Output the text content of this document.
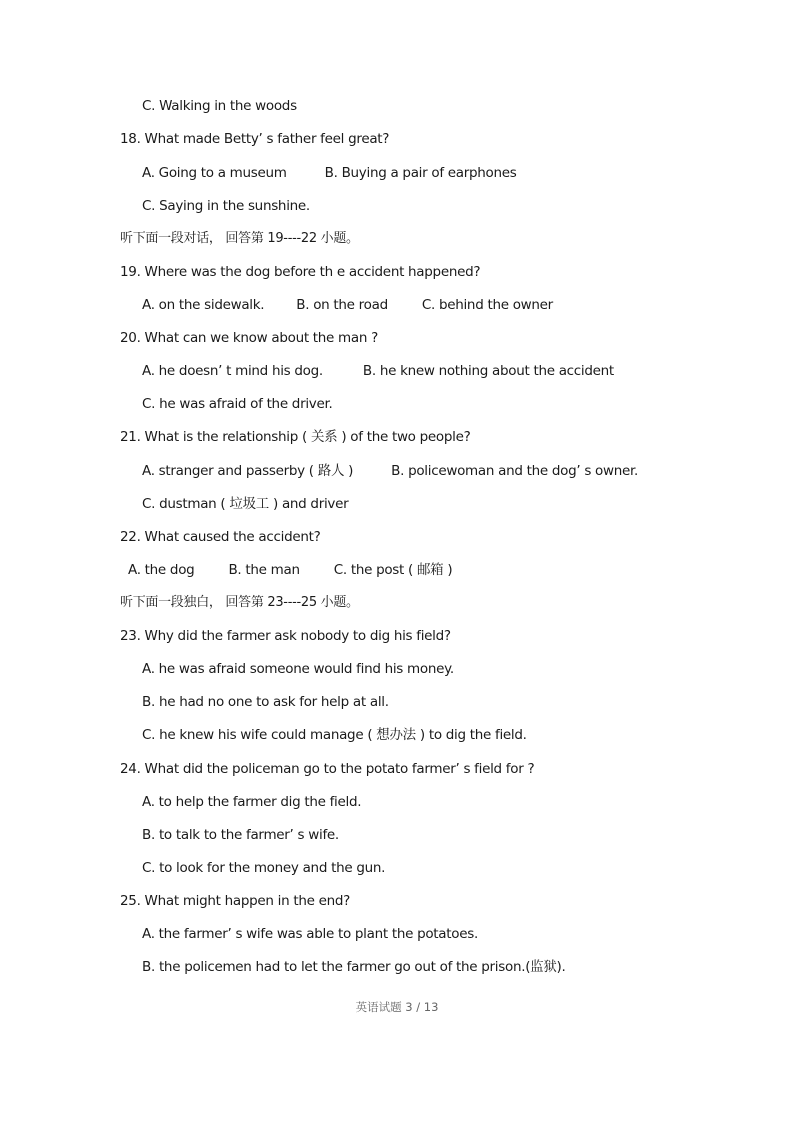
C. Walking in the woods
18. What made Betty’ s father feel great?
A. Going to a museum	B. Buying a pair of earphones
C. Saying in the sunshine.
听下面一段对话， 回答第 19----22 小题。
19. Where was the dog before th e accident happened?
A. on the sidewalk. B. on the road	C. behind the owner
20. What can we know about the man ?
A. he doesn’ t mind his dog.	B. he knew nothing about the accident
C. he was afraid of the driver.
21. What is the relationship ( 关系 ) of the two people?
A. stranger and passerby ( 路人 )	B. policewoman and the dog’ s owner.
C. dustman ( 垃圾工 ) and driver
22. What caused the accident?
A. the dog	B. the man	C. the post ( 邮箱 )
听下面一段独白， 回答第 23----25 小题。
23. Why did the farmer ask nobody to dig his field?
A. he was afraid someone would find his money.
B. he had no one to ask for help at all.
C. he knew his wife could manage ( 想办法 ) to dig the field.
24. What did the policeman go to the potato farmer’ s field for ?
A. to help the farmer dig the field.
B. to talk to the farmer’ s wife.
C. to look for the money and the gun.
25. What might happen in the end?
A. the farmer’ s wife was able to plant the potatoes.
B. the policemen had to let the farmer go out of the prison.(监狱).
英语试题 3 / 13
